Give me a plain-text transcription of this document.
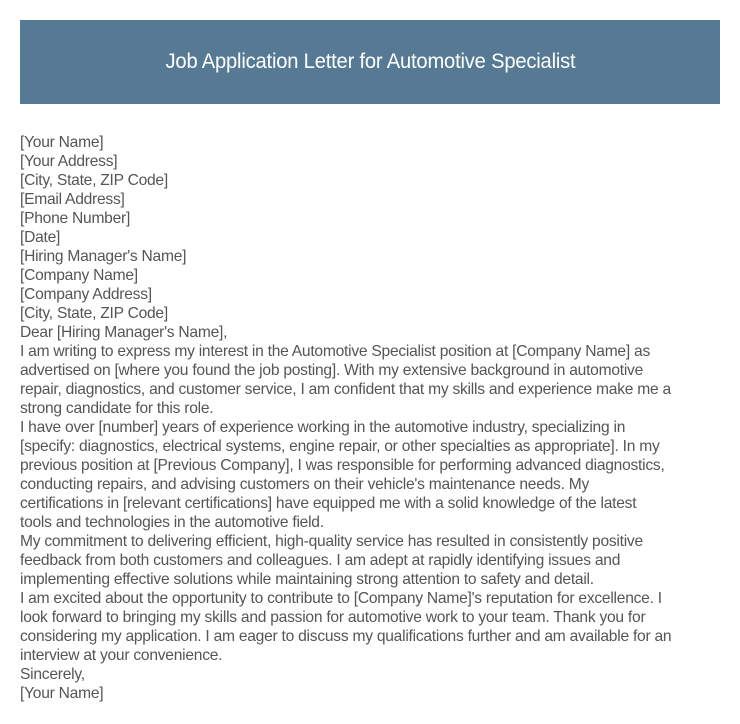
Job Application Letter for Automotive Specialist
[Your Name]
[Your Address]
[City, State, ZIP Code]
[Email Address]
[Phone Number]
[Date]
[Hiring Manager's Name]
[Company Name]
[Company Address]
[City, State, ZIP Code]
Dear [Hiring Manager's Name],

I am writing to express my interest in the Automotive Specialist position at [Company Name] as
advertised on [where you found the job posting]. With my extensive background in automotive
repair, diagnostics, and customer service, I am confident that my skills and experience make me a
strong candidate for this role.

I have over [number] years of experience working in the automotive industry, specializing in
[specify: diagnostics, electrical systems, engine repair, or other specialties as appropriate]. In my
previous position at [Previous Company], I was responsible for performing advanced diagnostics,
conducting repairs, and advising customers on their vehicle's maintenance needs. My
certifications in [relevant certifications] have equipped me with a solid knowledge of the latest
tools and technologies in the automotive field.

My commitment to delivering efficient, high-quality service has resulted in consistently positive
feedback from both customers and colleagues. I am adept at rapidly identifying issues and
implementing effective solutions while maintaining strong attention to safety and detail.

I am excited about the opportunity to contribute to [Company Name]'s reputation for excellence. I
look forward to bringing my skills and passion for automotive work to your team. Thank you for
considering my application. I am eager to discuss my qualifications further and am available for an
interview at your convenience.

Sincerely,
[Your Name]
